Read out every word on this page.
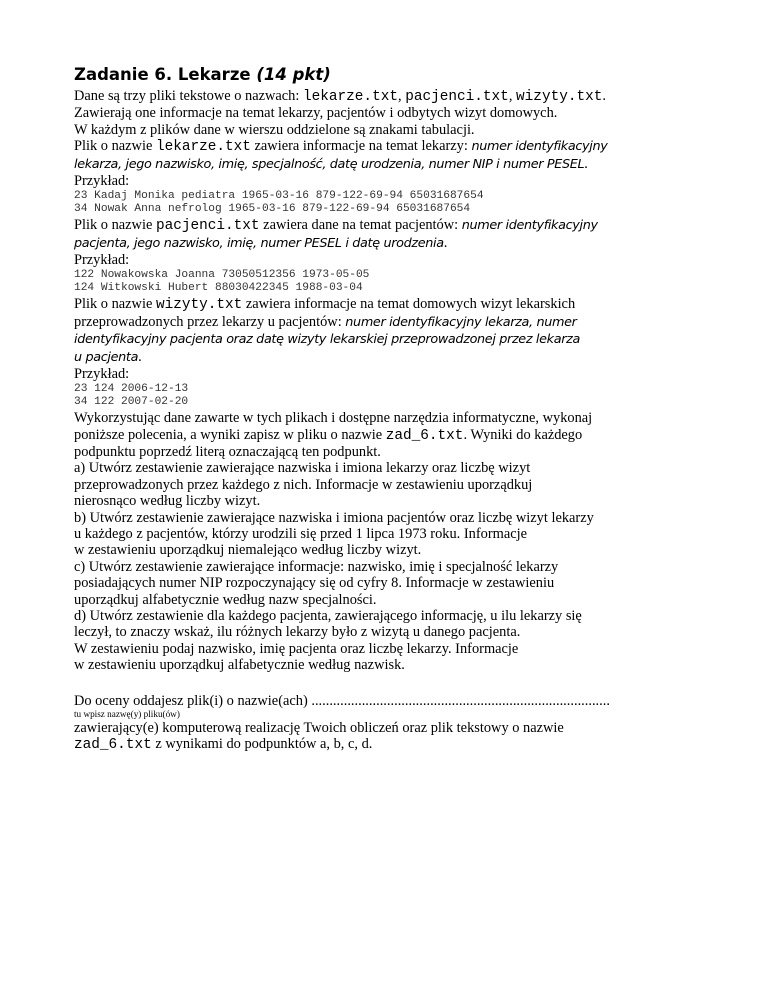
Zadanie 6. Lekarze (14 pkt)
Dane są trzy pliki tekstowe o nazwach: lekarze.txt, pacjenci.txt, wizyty.txt.
Zawierają one informacje na temat lekarzy, pacjentów i odbytych wizyt domowych.
W każdym z plików dane w wierszu oddzielone są znakami tabulacji.
Plik o nazwie lekarze.txt zawiera informacje na temat lekarzy: numer identyfikacyjny
lekarza, jego nazwisko, imię, specjalność, datę urodzenia, numer NIP i numer PESEL.
Przykład:
23 Kadaj Monika pediatra 1965-03-16 879-122-69-94 65031687654
34 Nowak Anna nefrolog 1965-03-16 879-122-69-94 65031687654
Plik o nazwie pacjenci.txt zawiera dane na temat pacjentów: numer identyfikacyjny
pacjenta, jego nazwisko, imię, numer PESEL i datę urodzenia.
Przykład:
122 Nowakowska Joanna 73050512356 1973-05-05
124 Witkowski Hubert 88030422345 1988-03-04
Plik o nazwie wizyty.txt zawiera informacje na temat domowych wizyt lekarskich
przeprowadzonych przez lekarzy u pacjentów: numer identyfikacyjny lekarza, numer
identyfikacyjny pacjenta oraz datę wizyty lekarskiej przeprowadzonej przez lekarza
u pacjenta.
Przykład:
23 124 2006-12-13
34 122 2007-02-20
Wykorzystując dane zawarte w tych plikach i dostępne narzędzia informatyczne, wykonaj
poniższe polecenia, a wyniki zapisz w pliku o nazwie zad_6.txt. Wyniki do każdego
podpunktu poprzedź literą oznaczającą ten podpunkt.
a) Utwórz zestawienie zawierające nazwiska i imiona lekarzy oraz liczbę wizyt
przeprowadzonych przez każdego z nich. Informacje w zestawieniu uporządkuj
nierosnąco według liczby wizyt.
b) Utwórz zestawienie zawierające nazwiska i imiona pacjentów oraz liczbę wizyt lekarzy
u każdego z pacjentów, którzy urodzili się przed 1 lipca 1973 roku. Informacje
w zestawieniu uporządkuj niemalejąco według liczby wizyt.
c) Utwórz zestawienie zawierające informacje: nazwisko, imię i specjalność lekarzy
posiadających numer NIP rozpoczynający się od cyfry 8. Informacje w zestawieniu
uporządkuj alfabetycznie według nazw specjalności.
d) Utwórz zestawienie dla każdego pacjenta, zawierającego informację, u ilu lekarzy się
leczył, to znaczy wskaż, ilu różnych lekarzy było z wizytą u danego pacjenta.
W zestawieniu podaj nazwisko, imię pacjenta oraz liczbę lekarzy. Informacje
w zestawieniu uporządkuj alfabetycznie według nazwisk.
Do oceny oddajesz plik(i) o nazwie(ach) ...................................................................................
tu wpisz nazwę(y) pliku(ów)
zawierający(e) komputerową realizację Twoich obliczeń oraz plik tekstowy o nazwie
zad_6.txt z wynikami do podpunktów a, b, c, d.
